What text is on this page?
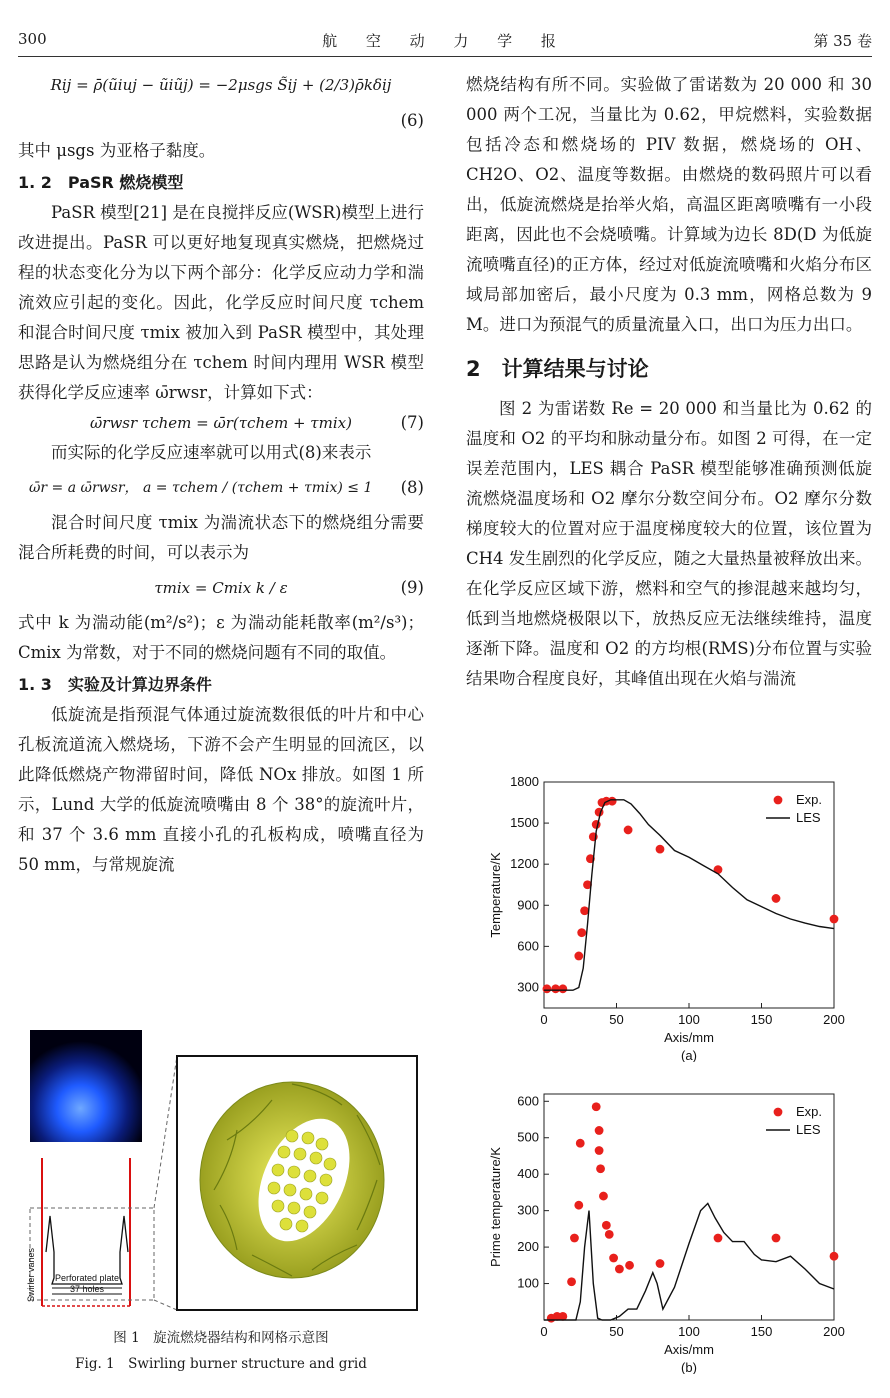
300	航 空 动 力 学 报	第 35 卷
Rij = ρ̄(ũiuj − ũiũj) = −2μsgs S̃ij + (2/3)ρ̄kδij
(6)

其中 μsgs 为亚格子黏度。

1. 2　PaSR 燃烧模型

PaSR 模型[21] 是在良搅拌反应(WSR)模型上进行改进提出。PaSR 可以更好地复现真实燃烧，把燃烧过程的状态变化分为以下两个部分：化学反应动力学和湍流效应引起的变化。因此，化学反应时间尺度 τchem 和混合时间尺度 τmix 被加入到 PaSR 模型中，其处理思路是认为燃烧组分在 τchem 时间内理用 WSR 模型获得化学反应速率 ω̄rwsr，计算如下式：

ω̄rwsr τchem = ω̄r(τchem + τmix)	(7)

而实际的化学反应速率就可以用式(8)来表示

ω̄r = a ω̄rwsr， a = τchem / (τchem + τmix) ≤ 1 (8)

混合时间尺度 τmix 为湍流状态下的燃烧组分需要混合所耗费的时间，可以表示为

τmix = Cmix k / ε	(9)

式中 k 为湍动能(m²/s²)；ε 为湍动能耗散率(m²/s³)；Cmix 为常数，对于不同的燃烧问题有不同的取值。

1. 3　实验及计算边界条件

低旋流是指预混气体通过旋流数很低的叶片和中心孔板流道流入燃烧场，下游不会产生明显的回流区，以此降低燃烧产物滞留时间，降低 NOx 排放。如图 1 所示，Lund 大学的低旋流喷嘴由 8 个 38°的旋流叶片，和 37 个 3.6 mm 直接小孔的孔板构成，喷嘴直径为 50 mm，与常规旋流

燃烧结构有所不同。实验做了雷诺数为 20 000 和 30 000 两个工况，当量比为 0.62，甲烷燃料，实验数据包括冷态和燃烧场的 PIV 数据，燃烧场的 OH、CH2O、O2、温度等数据。由燃烧的数码照片可以看出，低旋流燃烧是抬举火焰，高温区距离喷嘴有一小段距离，因此也不会烧喷嘴。计算域为边长 8D(D 为低旋流喷嘴直径)的正方体，经过对低旋流喷嘴和火焰分布区域局部加密后，最小尺度为 0.3 mm，网格总数为 9 M。进口为预混气的质量流量入口，出口为压力出口。

2　计算结果与讨论

图 2 为雷诺数 Re = 20 000 和当量比为 0.62 的温度和 O2 的平均和脉动量分布。如图 2 可得，在一定误差范围内，LES 耦合 PaSR 模型能够准确预测低旋流燃烧温度场和 O2 摩尔分数空间分布。O2 摩尔分数梯度较大的位置对应于温度梯度较大的位置，该位置为 CH4 发生剧烈的化学反应，随之大量热量被释放出来。在化学反应区域下游，燃料和空气的掺混越来越均匀，低到当地燃烧极限以下，放热反应无法继续维持，温度逐渐下降。温度和 O2 的方均根(RMS)分布位置与实验结果吻合程度良好，其峰值出现在火焰与湍流

Swirler vanes Perforated plate
37 holes
图 1　旋流燃烧器结构和网格示意图
Fig. 1　Swirling burner structure and grid
0	50	100	150	200
300
600
900
1200
1500
1800
Axis/mm
Temperature/K
(a)
Exp.
LES
0	50	100	150	200
100
200
300
400
500
600
Axis/mm
Prime temperature/K
(b)
Exp.
LES
